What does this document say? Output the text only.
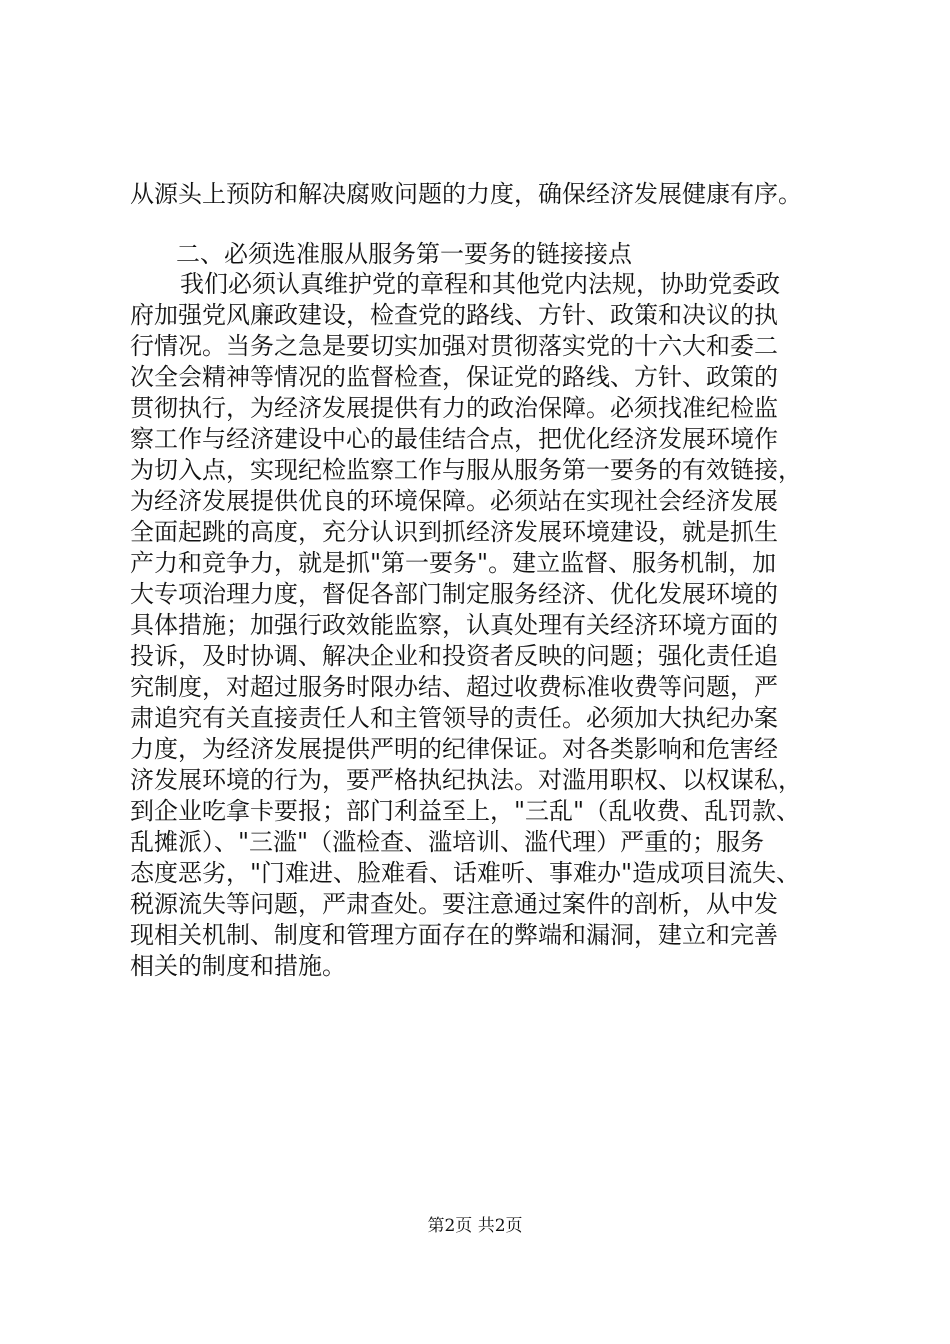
从源头上预防和解决腐败问题的力度，确保经济发展健康有序。
二、必须选准服从服务第一要务的链接接点
我们必须认真维护党的章程和其他党内法规，协助党委政
府加强党风廉政建设，检查党的路线、方针、政策和决议的执
行情况。当务之急是要切实加强对贯彻落实党的十六大和委二
次全会精神等情况的监督检查，保证党的路线、方针、政策的
贯彻执行，为经济发展提供有力的政治保障。必须找准纪检监
察工作与经济建设中心的最佳结合点，把优化经济发展环境作
为切入点，实现纪检监察工作与服从服务第一要务的有效链接，
为经济发展提供优良的环境保障。必须站在实现社会经济发展
全面起跳的高度，充分认识到抓经济发展环境建设，就是抓生
产力和竞争力，就是抓"第一要务"。建立监督、服务机制，加
大专项治理力度，督促各部门制定服务经济、优化发展环境的
具体措施；加强行政效能监察，认真处理有关经济环境方面的
投诉，及时协调、解决企业和投资者反映的问题；强化责任追
究制度，对超过服务时限办结、超过收费标准收费等问题，严
肃追究有关直接责任人和主管领导的责任。必须加大执纪办案
力度，为经济发展提供严明的纪律保证。对各类影响和危害经
济发展环境的行为，要严格执纪执法。对滥用职权、以权谋私，
到企业吃拿卡要报；部门利益至上，"三乱"（乱收费、乱罚款、
乱摊派）、"三滥"（滥检查、滥培训、滥代理）严重的；服务
态度恶劣，"门难进、脸难看、话难听、事难办"造成项目流失、
税源流失等问题，严肃查处。要注意通过案件的剖析，从中发
现相关机制、制度和管理方面存在的弊端和漏洞，建立和完善
相关的制度和措施。
第2页 共2页
